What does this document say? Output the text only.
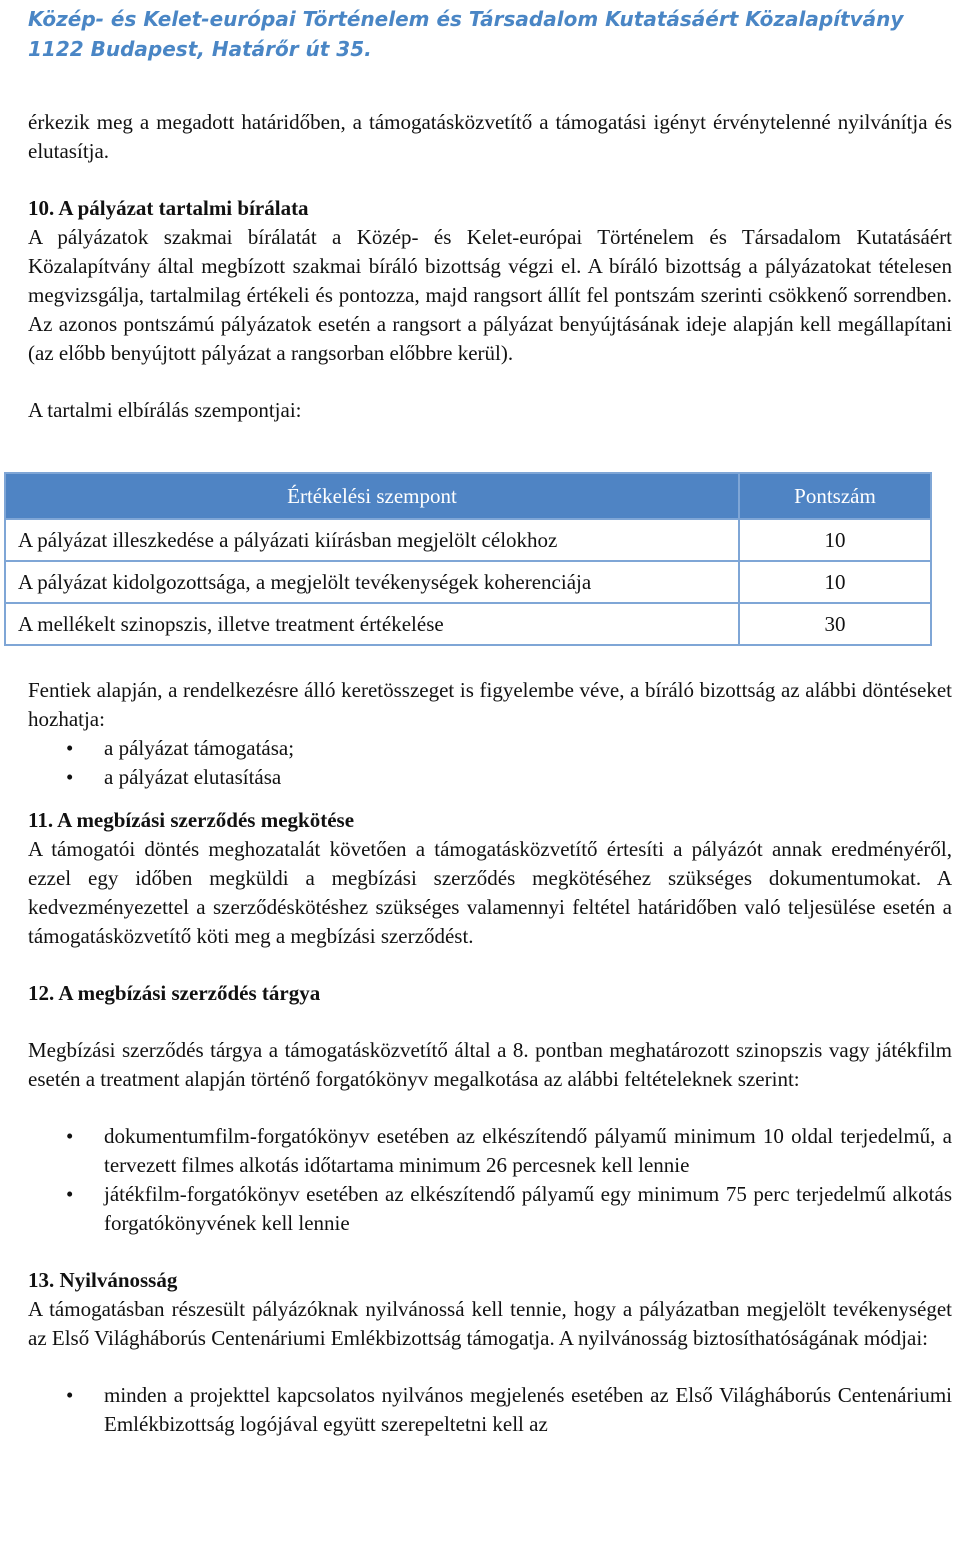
Közép- és Kelet-európai Történelem és Társadalom Kutatásáért Közalapítvány
1122 Budapest, Határőr út 35.

érkezik meg a megadott határidőben, a támogatásközvetítő a támogatási igényt érvénytelenné nyilvánítja és elutasítja.

10. A pályázat tartalmi bírálata

A pályázatok szakmai bírálatát a Közép- és Kelet-európai Történelem és Társadalom Kutatásáért Közalapítvány által megbízott szakmai bíráló bizottság végzi el. A bíráló bizottság a pályázatokat tételesen megvizsgálja, tartalmilag értékeli és pontozza, majd rangsort állít fel pontszám szerinti csökkenő sorrendben. Az azonos pontszámú pályázatok esetén a rangsort a pályázat benyújtásának ideje alapján kell megállapítani (az előbb benyújtott pályázat a rangsorban előbbre kerül).

A tartalmi elbírálás szempontjai:

Értékelési szempont	Pontszám
A pályázat illeszkedése a pályázati kiírásban megjelölt célokhoz	10
A pályázat kidolgozottsága, a megjelölt tevékenységek koherenciája	10
A mellékelt szinopszis, illetve treatment értékelése	30

Fentiek alapján, a rendelkezésre álló keretösszeget is figyelembe véve, a bíráló bizottság az alábbi döntéseket hozhatja:

• a pályázat támogatása;
• a pályázat elutasítása

11. A megbízási szerződés megkötése

A támogatói döntés meghozatalát követően a támogatásközvetítő értesíti a pályázót annak eredményéről, ezzel egy időben megküldi a megbízási szerződés megkötéséhez szükséges dokumentumokat. A kedvezményezettel a szerződéskötéshez szükséges valamennyi feltétel határidőben való teljesülése esetén a támogatásközvetítő köti meg a megbízási szerződést.

12. A megbízási szerződés tárgya

Megbízási szerződés tárgya a támogatásközvetítő által a 8. pontban meghatározott szinopszis vagy játékfilm esetén a treatment alapján történő forgatókönyv megalkotása az alábbi feltételeknek szerint:

• dokumentumfilm-forgatókönyv esetében az elkészítendő pályamű minimum 10 oldal terjedelmű, a tervezett filmes alkotás időtartama minimum 26 percesnek kell lennie
• játékfilm-forgatókönyv esetében az elkészítendő pályamű egy minimum 75 perc terjedelmű alkotás forgatókönyvének kell lennie

13. Nyilvánosság

A támogatásban részesült pályázóknak nyilvánossá kell tennie, hogy a pályázatban megjelölt tevékenységet az Első Világháborús Centenáriumi Emlékbizottság támogatja. A nyilvánosság biztosíthatóságának módjai:

• minden a projekttel kapcsolatos nyilvános megjelenés esetében az Első Világháborús Centenáriumi Emlékbizottság logójával együtt szerepeltetni kell az
